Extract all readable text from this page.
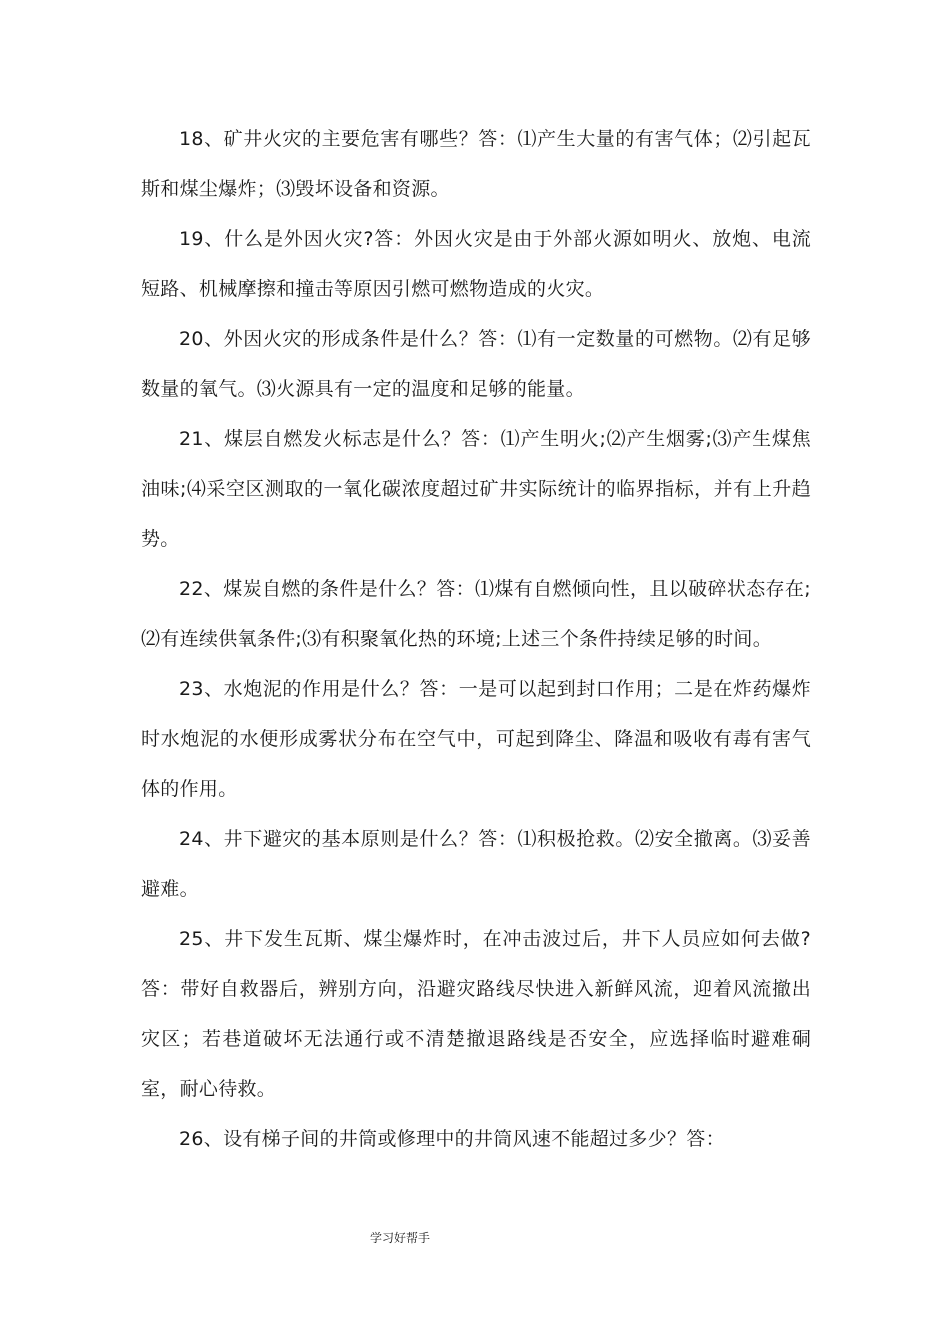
18、矿井火灾的主要危害有哪些？答：⑴产生大量的有害气体；⑵引起瓦斯和煤尘爆炸；⑶毁坏设备和资源。

19、什么是外因火灾?答：外因火灾是由于外部火源如明火、放炮、电流短路、机械摩擦和撞击等原因引燃可燃物造成的火灾。

20、外因火灾的形成条件是什么？答：⑴有一定数量的可燃物。⑵有足够数量的氧气。⑶火源具有一定的温度和足够的能量。

21、煤层自燃发火标志是什么？答：⑴产生明火;⑵产生烟雾;⑶产生煤焦油味;⑷采空区测取的一氧化碳浓度超过矿井实际统计的临界指标，并有上升趋势。

22、煤炭自燃的条件是什么？答：⑴煤有自燃倾向性，且以破碎状态存在;⑵有连续供氧条件;⑶有积聚氧化热的环境;上述三个条件持续足够的时间。

23、水炮泥的作用是什么？答：一是可以起到封口作用；二是在炸药爆炸时水炮泥的水便形成雾状分布在空气中，可起到降尘、降温和吸收有毒有害气体的作用。

24、井下避灾的基本原则是什么？答：⑴积极抢救。⑵安全撤离。⑶妥善避难。

25、井下发生瓦斯、煤尘爆炸时，在冲击波过后，井下人员应如何去做?答：带好自救器后，辨别方向，沿避灾路线尽快进入新鲜风流，迎着风流撤出灾区；若巷道破坏无法通行或不清楚撤退路线是否安全，应选择临时避难硐室，耐心待救。

26、设有梯子间的井筒或修理中的井筒风速不能超过多少？答：

学习好帮手
